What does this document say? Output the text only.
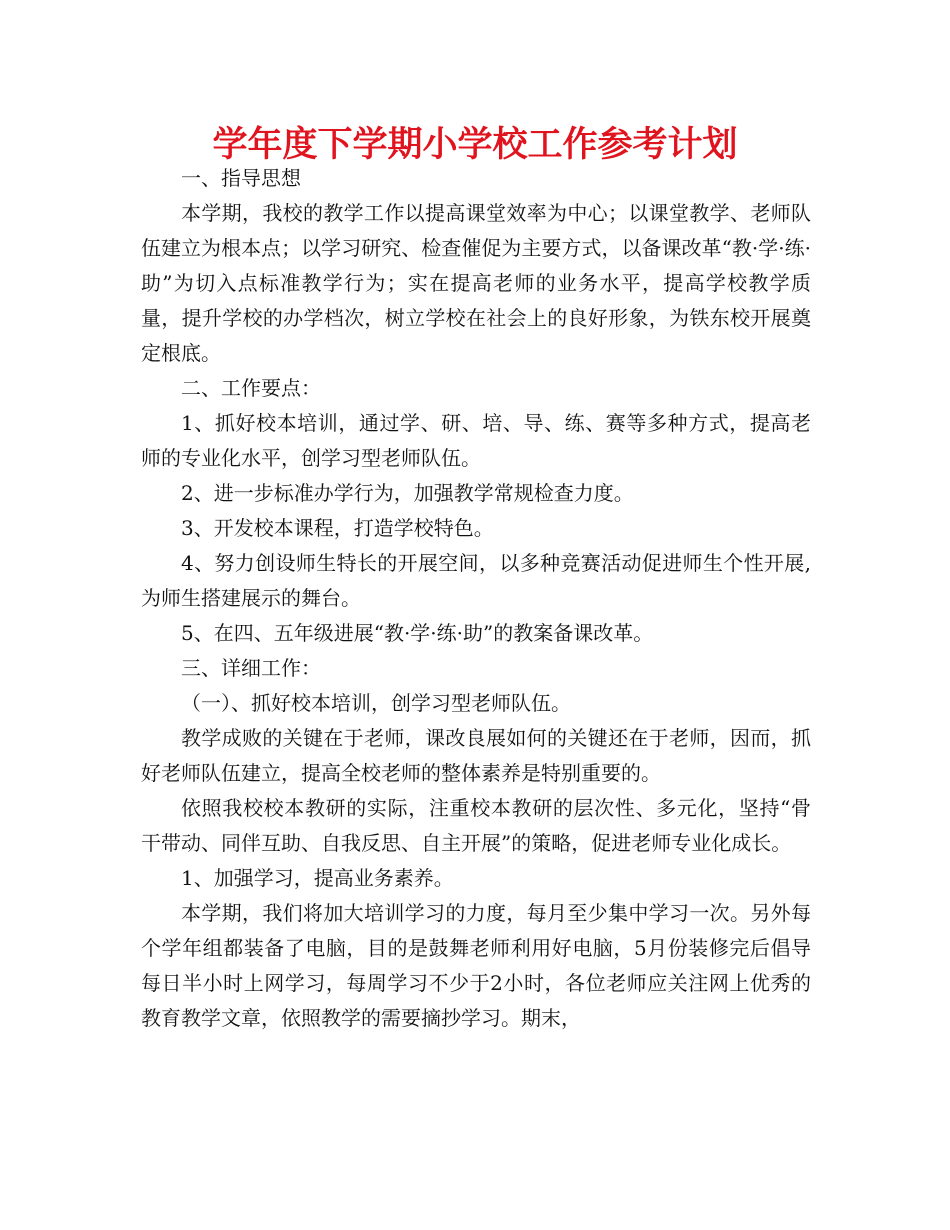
学年度下学期小学校工作参考计划

一、指导思想

本学期，我校的教学工作以提高课堂效率为中心；以课堂教学、老师队伍建立为根本点；以学习研究、检查催促为主要方式，以备课改革“教·学·练·助”为切入点标准教学行为；实在提高老师的业务水平，提高学校教学质量，提升学校的办学档次，树立学校在社会上的良好形象，为铁东校开展奠定根底。

二、工作要点：

1、抓好校本培训，通过学、研、培、导、练、赛等多种方式，提高老师的专业化水平，创学习型老师队伍。

2、进一步标准办学行为，加强教学常规检查力度。

3、开发校本课程，打造学校特色。

4、努力创设师生特长的开展空间，以多种竞赛活动促进师生个性开展,为师生搭建展示的舞台。

5、在四、五年级进展“教·学·练·助”的教案备课改革。

三、详细工作：

（一）、抓好校本培训，创学习型老师队伍。

教学成败的关键在于老师，课改良展如何的关键还在于老师，因而，抓好老师队伍建立，提高全校老师的整体素养是特别重要的。

依照我校校本教研的实际，注重校本教研的层次性、多元化，坚持“骨干带动、同伴互助、自我反思、自主开展”的策略，促进老师专业化成长。

1、加强学习，提高业务素养。

本学期，我们将加大培训学习的力度，每月至少集中学习一次。另外每个学年组都装备了电脑，目的是鼓舞老师利用好电脑，5月份装修完后倡导每日半小时上网学习，每周学习不少于2小时，各位老师应关注网上优秀的教育教学文章，依照教学的需要摘抄学习。期末，
